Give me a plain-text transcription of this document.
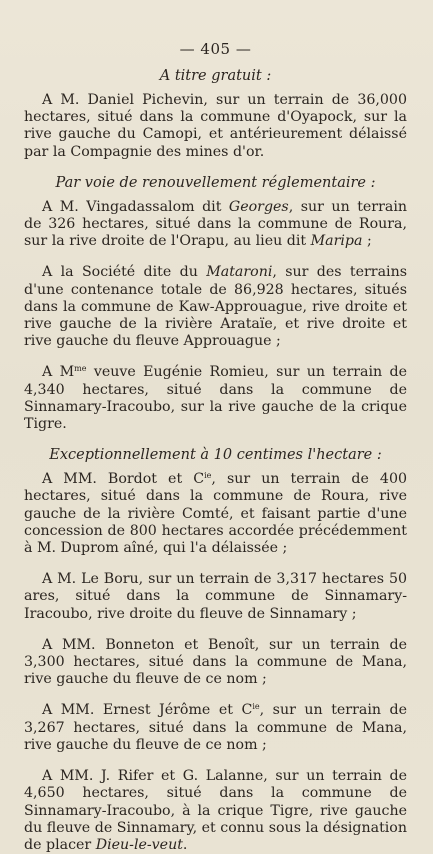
— 405 —
A titre gratuit :

A M. Daniel Pichevin, sur un terrain de 36,000 hectares, situé dans la commune d'Oyapock, sur la rive gauche du Camopi, et antérieurement délaissé par la Compagnie des mines d'or.

Par voie de renouvellement réglementaire :

A M. Vingadassalom dit Georges, sur un terrain de 326 hectares, situé dans la commune de Roura, sur la rive droite de l'Orapu, au lieu dit Maripa ;

A la Société dite du Mataroni, sur des terrains d'une contenance totale de 86,928 hectares, situés dans la commune de Kaw-Approuague, rive droite et rive gauche de la rivière Arataïe, et rive droite et rive gauche du fleuve Approuague ;

A $M^{me}$ veuve Eugénie Romieu, sur un terrain de 4,340 hectares, situé dans la commune de Sinnamary-Iracoubo, sur la rive gauche de la crique Tigre.

Exceptionnellement à 10 centimes l'hectare :

A MM. Bordot et $C^{ie}$, sur un terrain de 400 hectares, situé dans la commune de Roura, rive gauche de la rivière Comté, et faisant partie d'une concession de 800 hectares accordée précédemment à M. Duprom aîné, qui l'a délaissée ;

A M. Le Boru, sur un terrain de 3,317 hectares 50 ares, situé dans la commune de Sinnamary-Iracoubo, rive droite du fleuve de Sinnamary ;

A MM. Bonneton et Benoît, sur un terrain de 3,300 hectares, situé dans la commune de Mana, rive gauche du fleuve de ce nom ;

A MM. Ernest Jérôme et $C^{ie}$, sur un terrain de 3,267 hectares, situé dans la commune de Mana, rive gauche du fleuve de ce nom ;

A MM. J. Rifer et G. Lalanne, sur un terrain de 4,650 hectares, situé dans la commune de Sinnamary-Iracoubo, à la crique Tigre, rive gauche du fleuve de Sinnamary, et connu sous la désignation de placer Dieu-le-veut.
